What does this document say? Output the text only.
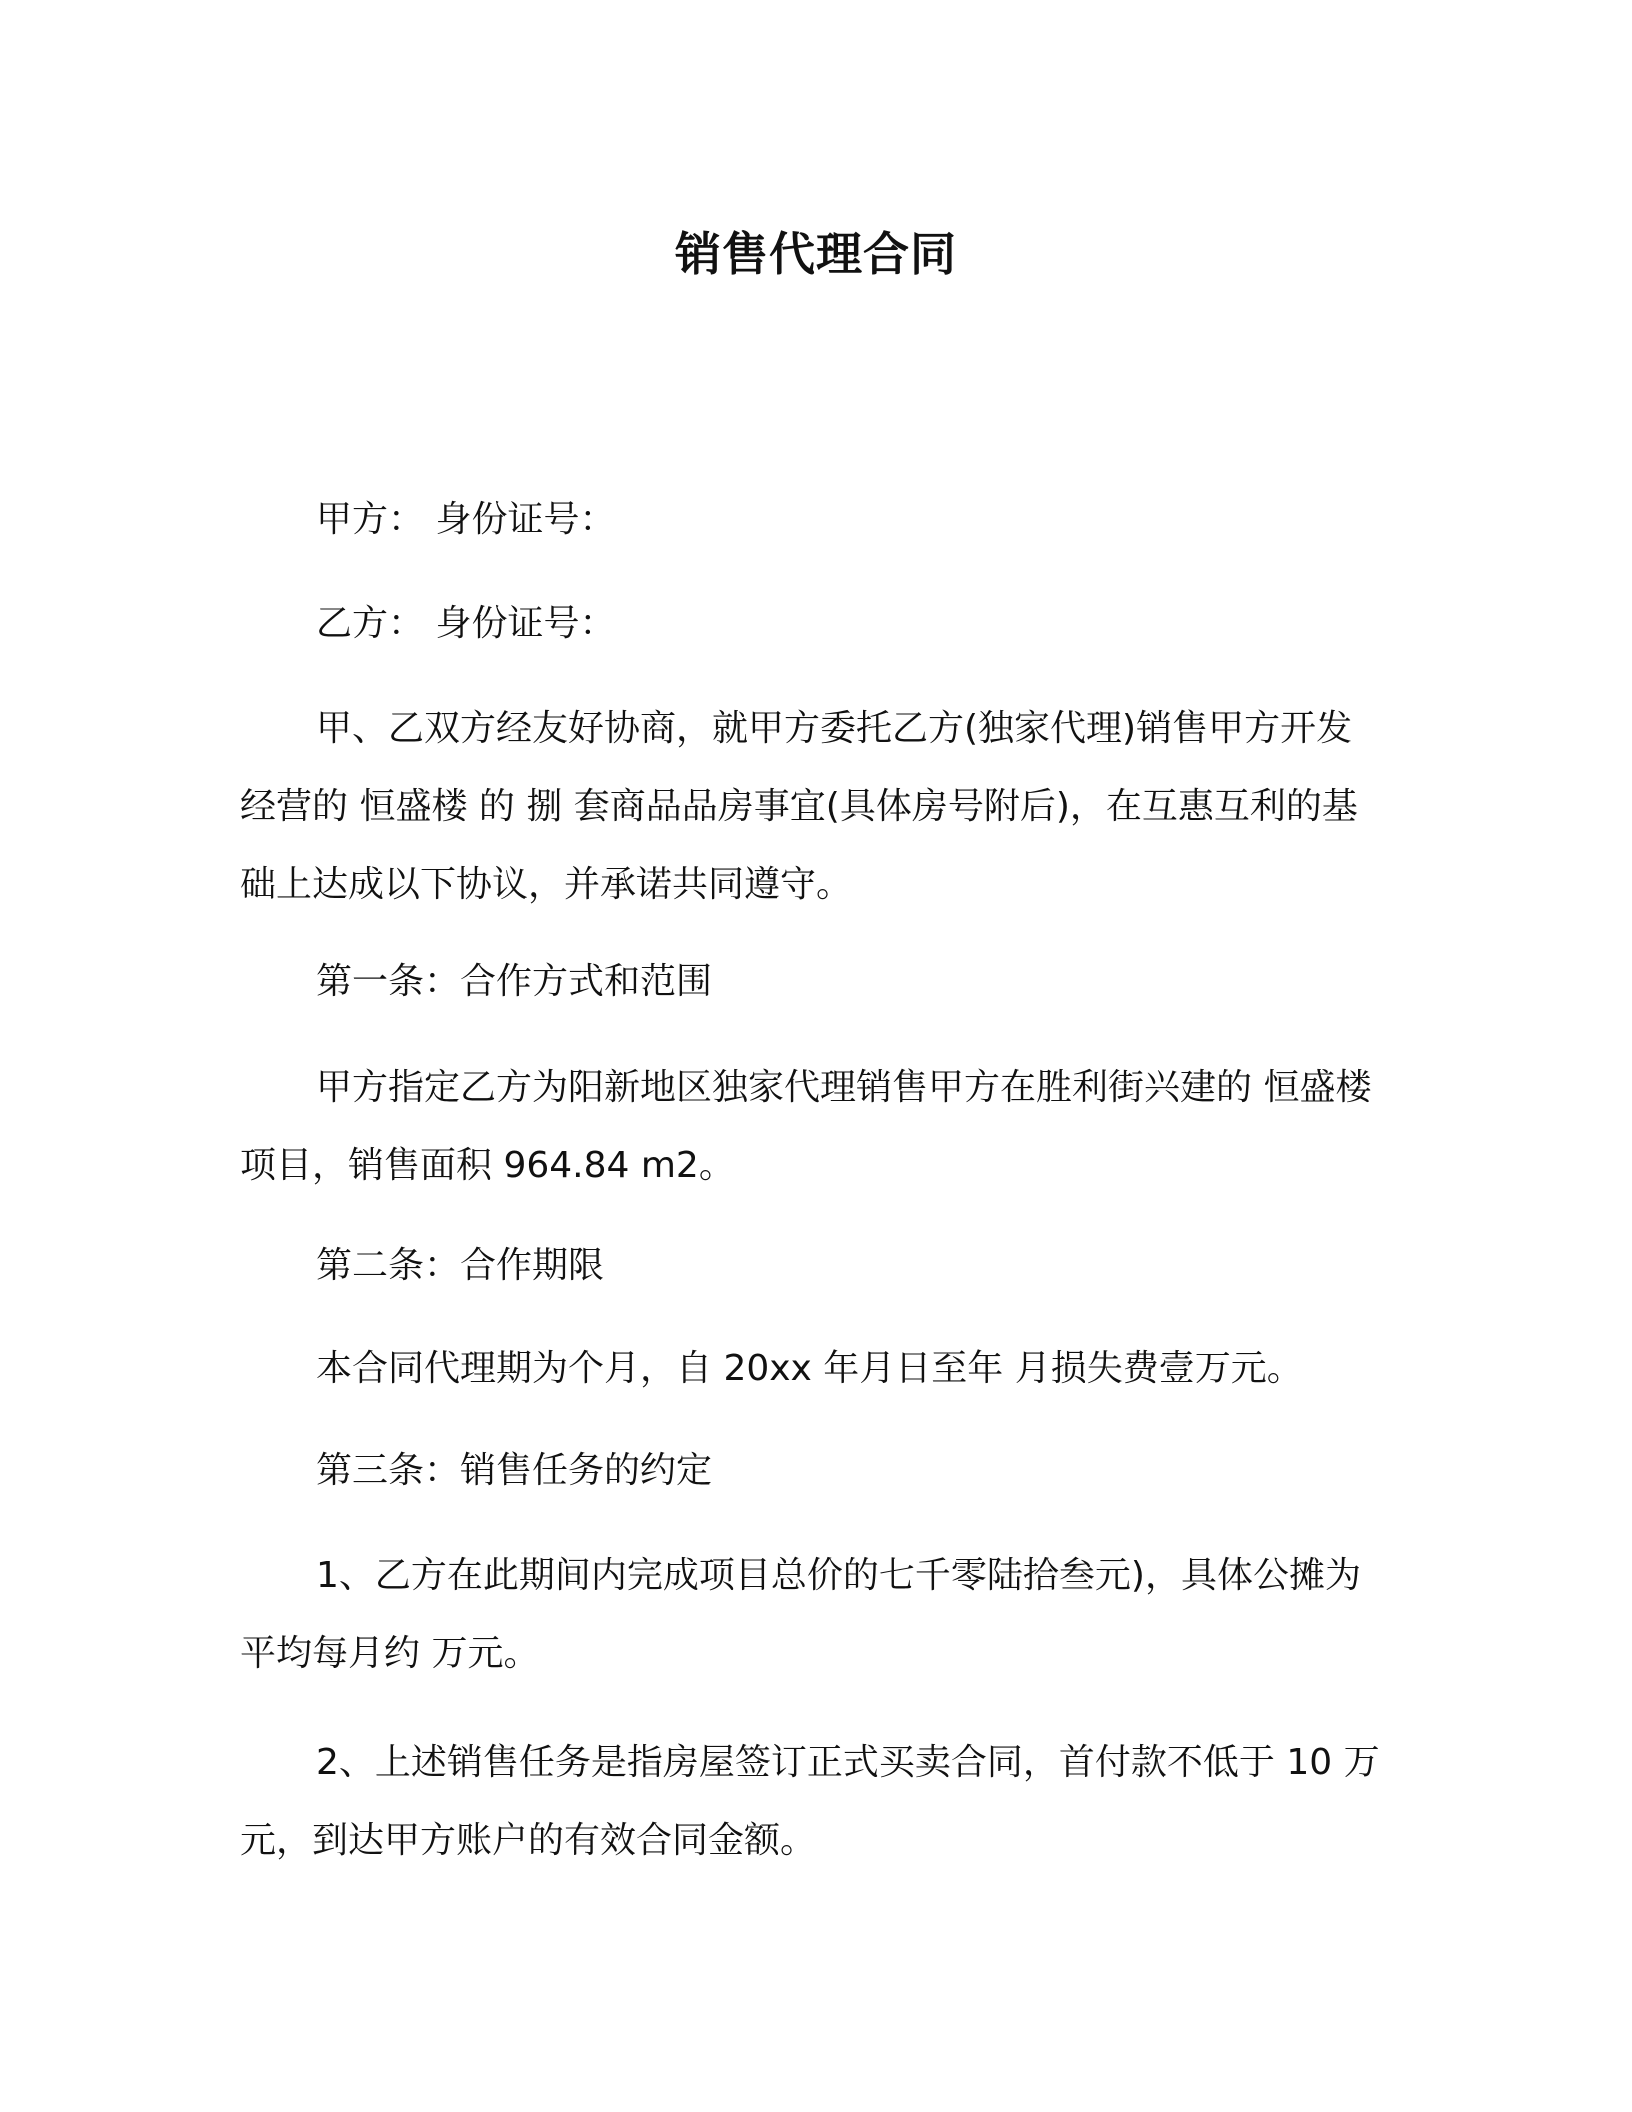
销售代理合同

甲方： 身份证号：

乙方： 身份证号：

甲、乙双方经友好协商，就甲方委托乙方(独家代理)销售甲方开发经营的 恒盛楼 的 捌 套商品品房事宜(具体房号附后)，在互惠互利的基础上达成以下协议，并承诺共同遵守。

第一条：合作方式和范围

甲方指定乙方为阳新地区独家代理销售甲方在胜利街兴建的 恒盛楼 项目，销售面积 964.84 m2。

第二条：合作期限

本合同代理期为个月，自 20xx 年月日至年 月损失费壹万元。

第三条：销售任务的约定

1、乙方在此期间内完成项目总价的七千零陆拾叁元)，具体公摊为平均每月约 万元。

2、上述销售任务是指房屋签订正式买卖合同，首付款不低于 10 万元，到达甲方账户的有效合同金额。
